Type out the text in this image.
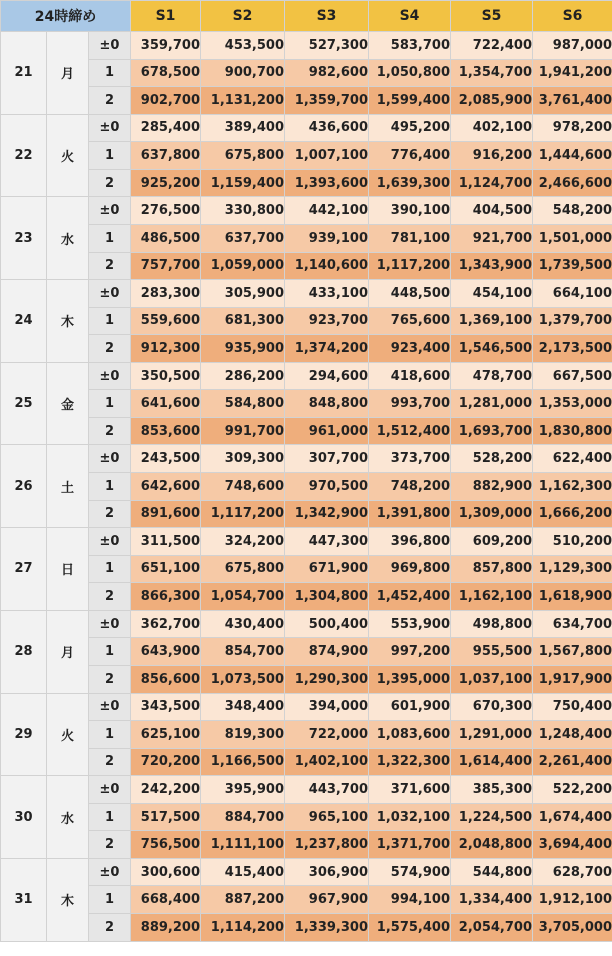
24時締め			S1	S2	S3	S4	S5	S6
21	月	±0	359,700	453,500	527,300	583,700	722,400	987,000
		1	678,500	900,700	982,600	1,050,800	1,354,700	1,941,200
		2	902,700	1,131,200	1,359,700	1,599,400	2,085,900	3,761,400
22	火	±0	285,400	389,400	436,600	495,200	402,100	978,200
		1	637,800	675,800	1,007,100	776,400	916,200	1,444,600
		2	925,200	1,159,400	1,393,600	1,639,300	1,124,700	2,466,600
23	水	±0	276,500	330,800	442,100	390,100	404,500	548,200
		1	486,500	637,700	939,100	781,100	921,700	1,501,000
		2	757,700	1,059,000	1,140,600	1,117,200	1,343,900	1,739,500
24	木	±0	283,300	305,900	433,100	448,500	454,100	664,100
		1	559,600	681,300	923,700	765,600	1,369,100	1,379,700
		2	912,300	935,900	1,374,200	923,400	1,546,500	2,173,500
25	金	±0	350,500	286,200	294,600	418,600	478,700	667,500
		1	641,600	584,800	848,800	993,700	1,281,000	1,353,000
		2	853,600	991,700	961,000	1,512,400	1,693,700	1,830,800
26	土	±0	243,500	309,300	307,700	373,700	528,200	622,400
		1	642,600	748,600	970,500	748,200	882,900	1,162,300
		2	891,600	1,117,200	1,342,900	1,391,800	1,309,000	1,666,200
27	日	±0	311,500	324,200	447,300	396,800	609,200	510,200
		1	651,100	675,800	671,900	969,800	857,800	1,129,300
		2	866,300	1,054,700	1,304,800	1,452,400	1,162,100	1,618,900
28	月	±0	362,700	430,400	500,400	553,900	498,800	634,700
		1	643,900	854,700	874,900	997,200	955,500	1,567,800
		2	856,600	1,073,500	1,290,300	1,395,000	1,037,100	1,917,900
29	火	±0	343,500	348,400	394,000	601,900	670,300	750,400
		1	625,100	819,300	722,000	1,083,600	1,291,000	1,248,400
		2	720,200	1,166,500	1,402,100	1,322,300	1,614,400	2,261,400
30	水	±0	242,200	395,900	443,700	371,600	385,300	522,200
		1	517,500	884,700	965,100	1,032,100	1,224,500	1,674,400
		2	756,500	1,111,100	1,237,800	1,371,700	2,048,800	3,694,400
31	木	±0	300,600	415,400	306,900	574,900	544,800	628,700
		1	668,400	887,200	967,900	994,100	1,334,400	1,912,100
		2	889,200	1,114,200	1,339,300	1,575,400	2,054,700	3,705,000
